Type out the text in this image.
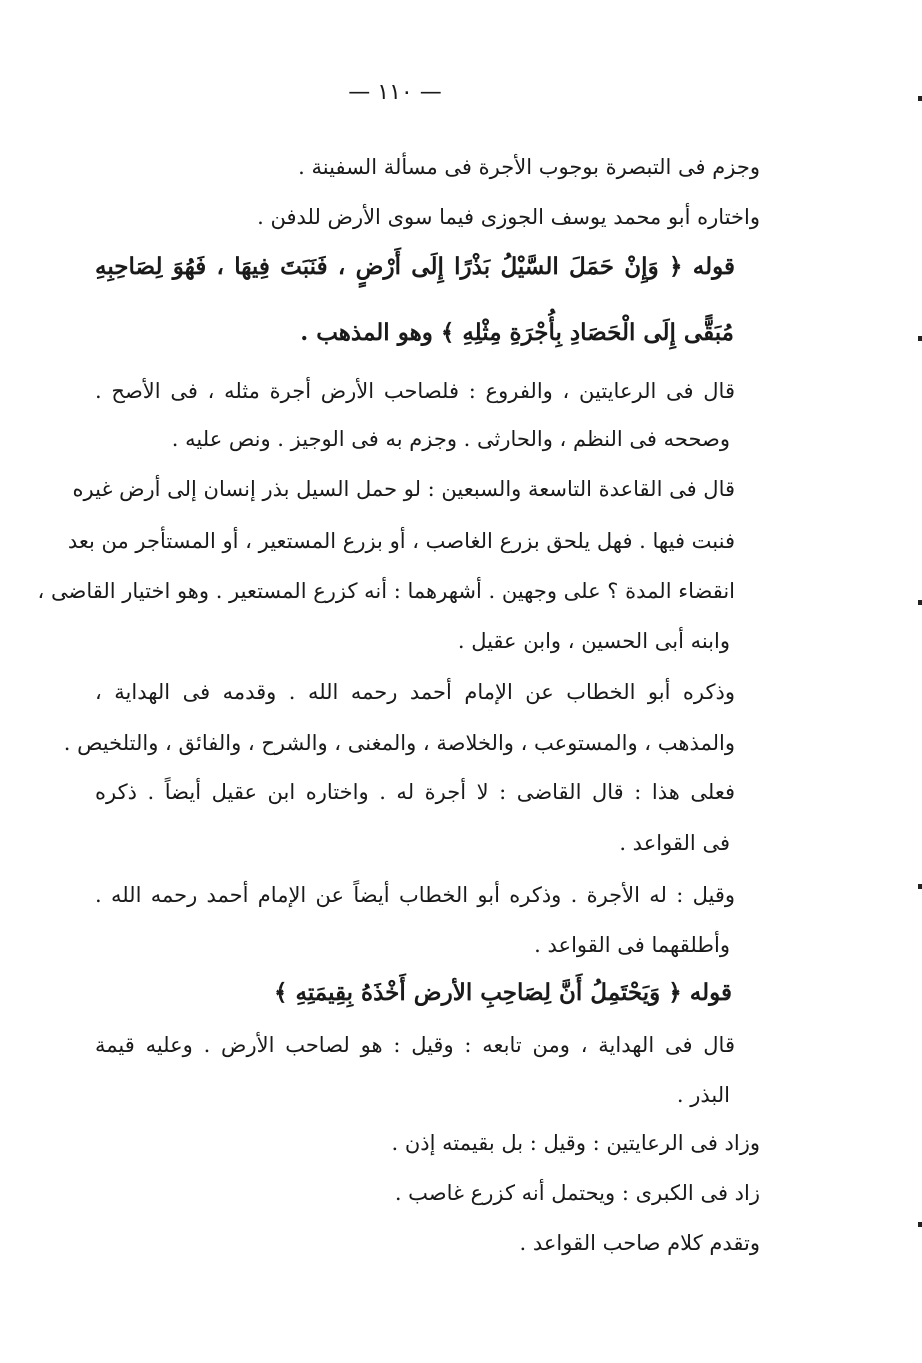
— ١١٠ —
وجزم فى التبصرة بوجوب الأجرة فى مسألة السفينة .
واختاره أبو محمد يوسف الجوزى فيما سوى الأرض للدفن .
قوله ﴿ وَإِنْ حَمَلَ السَّيْلُ بَذْرًا إِلَى أَرْضٍ ، فَنَبَتَ فِيهَا ، فَهُوَ لِصَاحِبِهِ
مُبَقًّى إِلَى الْحَصَادِ بِأُجْرَةِ مِثْلِهِ ﴾ وهو المذهب .
قال فى الرعايتين ، والفروع : فلصاحب الأرض أجرة مثله ، فى الأصح .
وصححه فى النظم ، والحارثى . وجزم به فى الوجيز . ونص عليه .
قال فى القاعدة التاسعة والسبعين : لو حمل السيل بذر إنسان إلى أرض غيره
فنبت فيها . فهل يلحق بزرع الغاصب ، أو بزرع المستعير ، أو المستأجر من بعد
انقضاء المدة ؟ على وجهين . أشهرهما : أنه كزرع المستعير . وهو اختيار القاضى ،
وابنه أبى الحسين ، وابن عقيل .
وذكره أبو الخطاب عن الإمام أحمد رحمه الله . وقدمه فى الهداية ،
والمذهب ، والمستوعب ، والخلاصة ، والمغنى ، والشرح ، والفائق ، والتلخيص .
فعلى هذا : قال القاضى : لا أجرة له . واختاره ابن عقيل أيضاً . ذكره
فى القواعد .
وقيل : له الأجرة . وذكره أبو الخطاب أيضاً عن الإمام أحمد رحمه الله .
وأطلقهما فى القواعد .
قوله ﴿ وَيَحْتَمِلُ أَنَّ لِصَاحِبِ الأرض أَخْذَهُ بِقِيمَتِهِ ﴾
قال فى الهداية ، ومن تابعه : وقيل : هو لصاحب الأرض . وعليه قيمة
البذر .
وزاد فى الرعايتين : وقيل : بل بقيمته إذن .
زاد فى الكبرى : ويحتمل أنه كزرع غاصب .
وتقدم كلام صاحب القواعد .
